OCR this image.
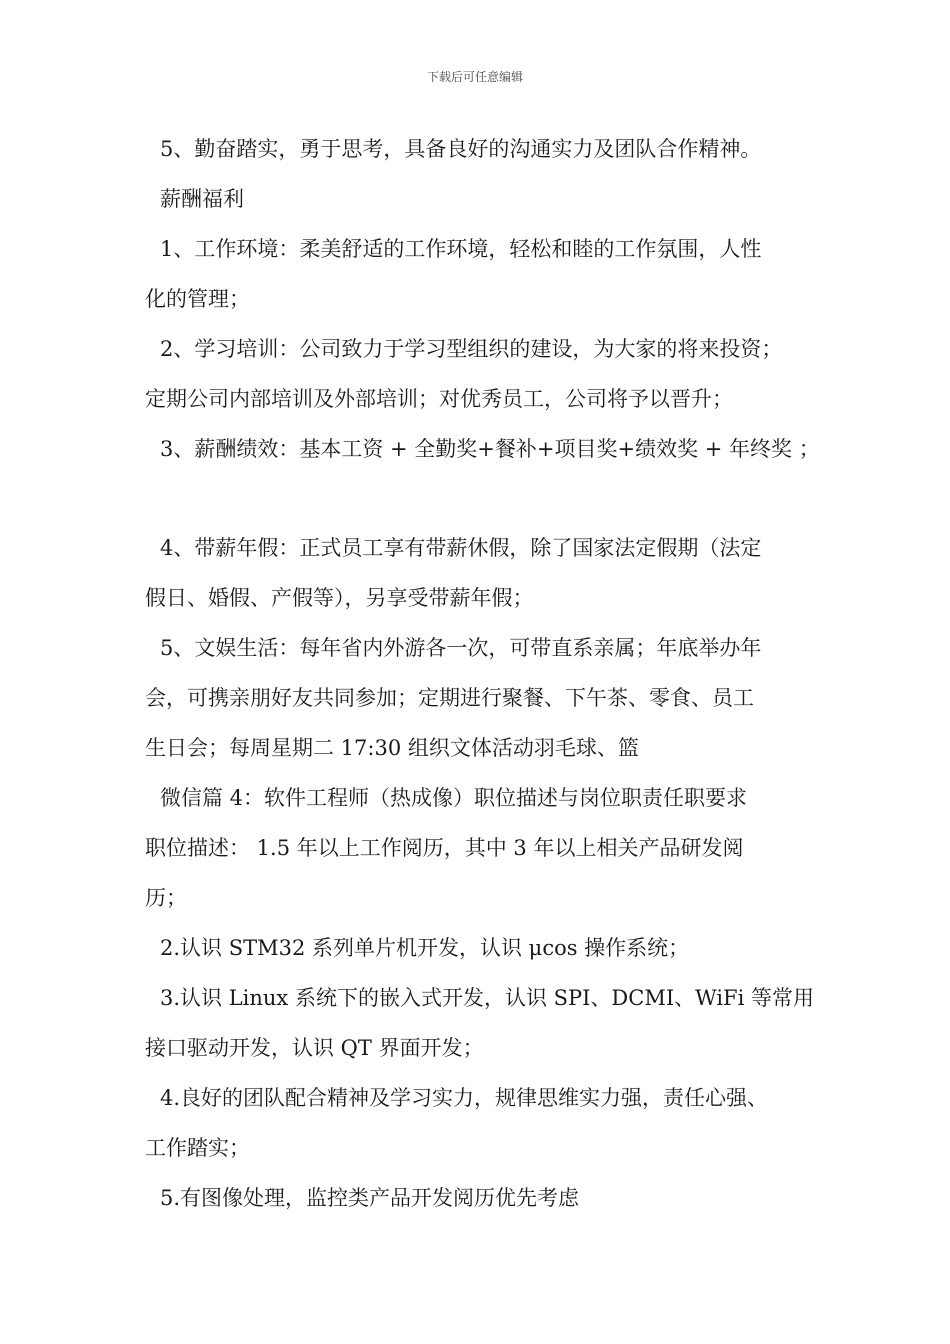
下载后可任意编辑
5、勤奋踏实，勇于思考，具备良好的沟通实力及团队合作精神。
薪酬福利
1、工作环境：柔美舒适的工作环境，轻松和睦的工作氛围，人性
化的管理；
2、学习培训：公司致力于学习型组织的建设，为大家的将来投资；
定期公司内部培训及外部培训；对优秀员工，公司将予以晋升；
3、薪酬绩效：基本工资 + 全勤奖+餐补+项目奖+绩效奖 + 年终奖 ；
4、带薪年假：正式员工享有带薪休假，除了国家法定假期（法定
假日、婚假、产假等），另享受带薪年假；
5、文娱生活：每年省内外游各一次，可带直系亲属；年底举办年
会，可携亲朋好友共同参加；定期进行聚餐、下午茶、零食、员工
生日会；每周星期二 17:30 组织文体活动羽毛球、篮
微信篇 4：软件工程师（热成像）职位描述与岗位职责任职要求
职位描述： 1.5 年以上工作阅历，其中 3 年以上相关产品研发阅
历；
2.认识 STM32 系列单片机开发，认识 μcos 操作系统；
3.认识 Linux 系统下的嵌入式开发，认识 SPI、DCMI、WiFi 等常用
接口驱动开发，认识 QT 界面开发；
4.良好的团队配合精神及学习实力，规律思维实力强，责任心强、
工作踏实；
5.有图像处理，监控类产品开发阅历优先考虑
